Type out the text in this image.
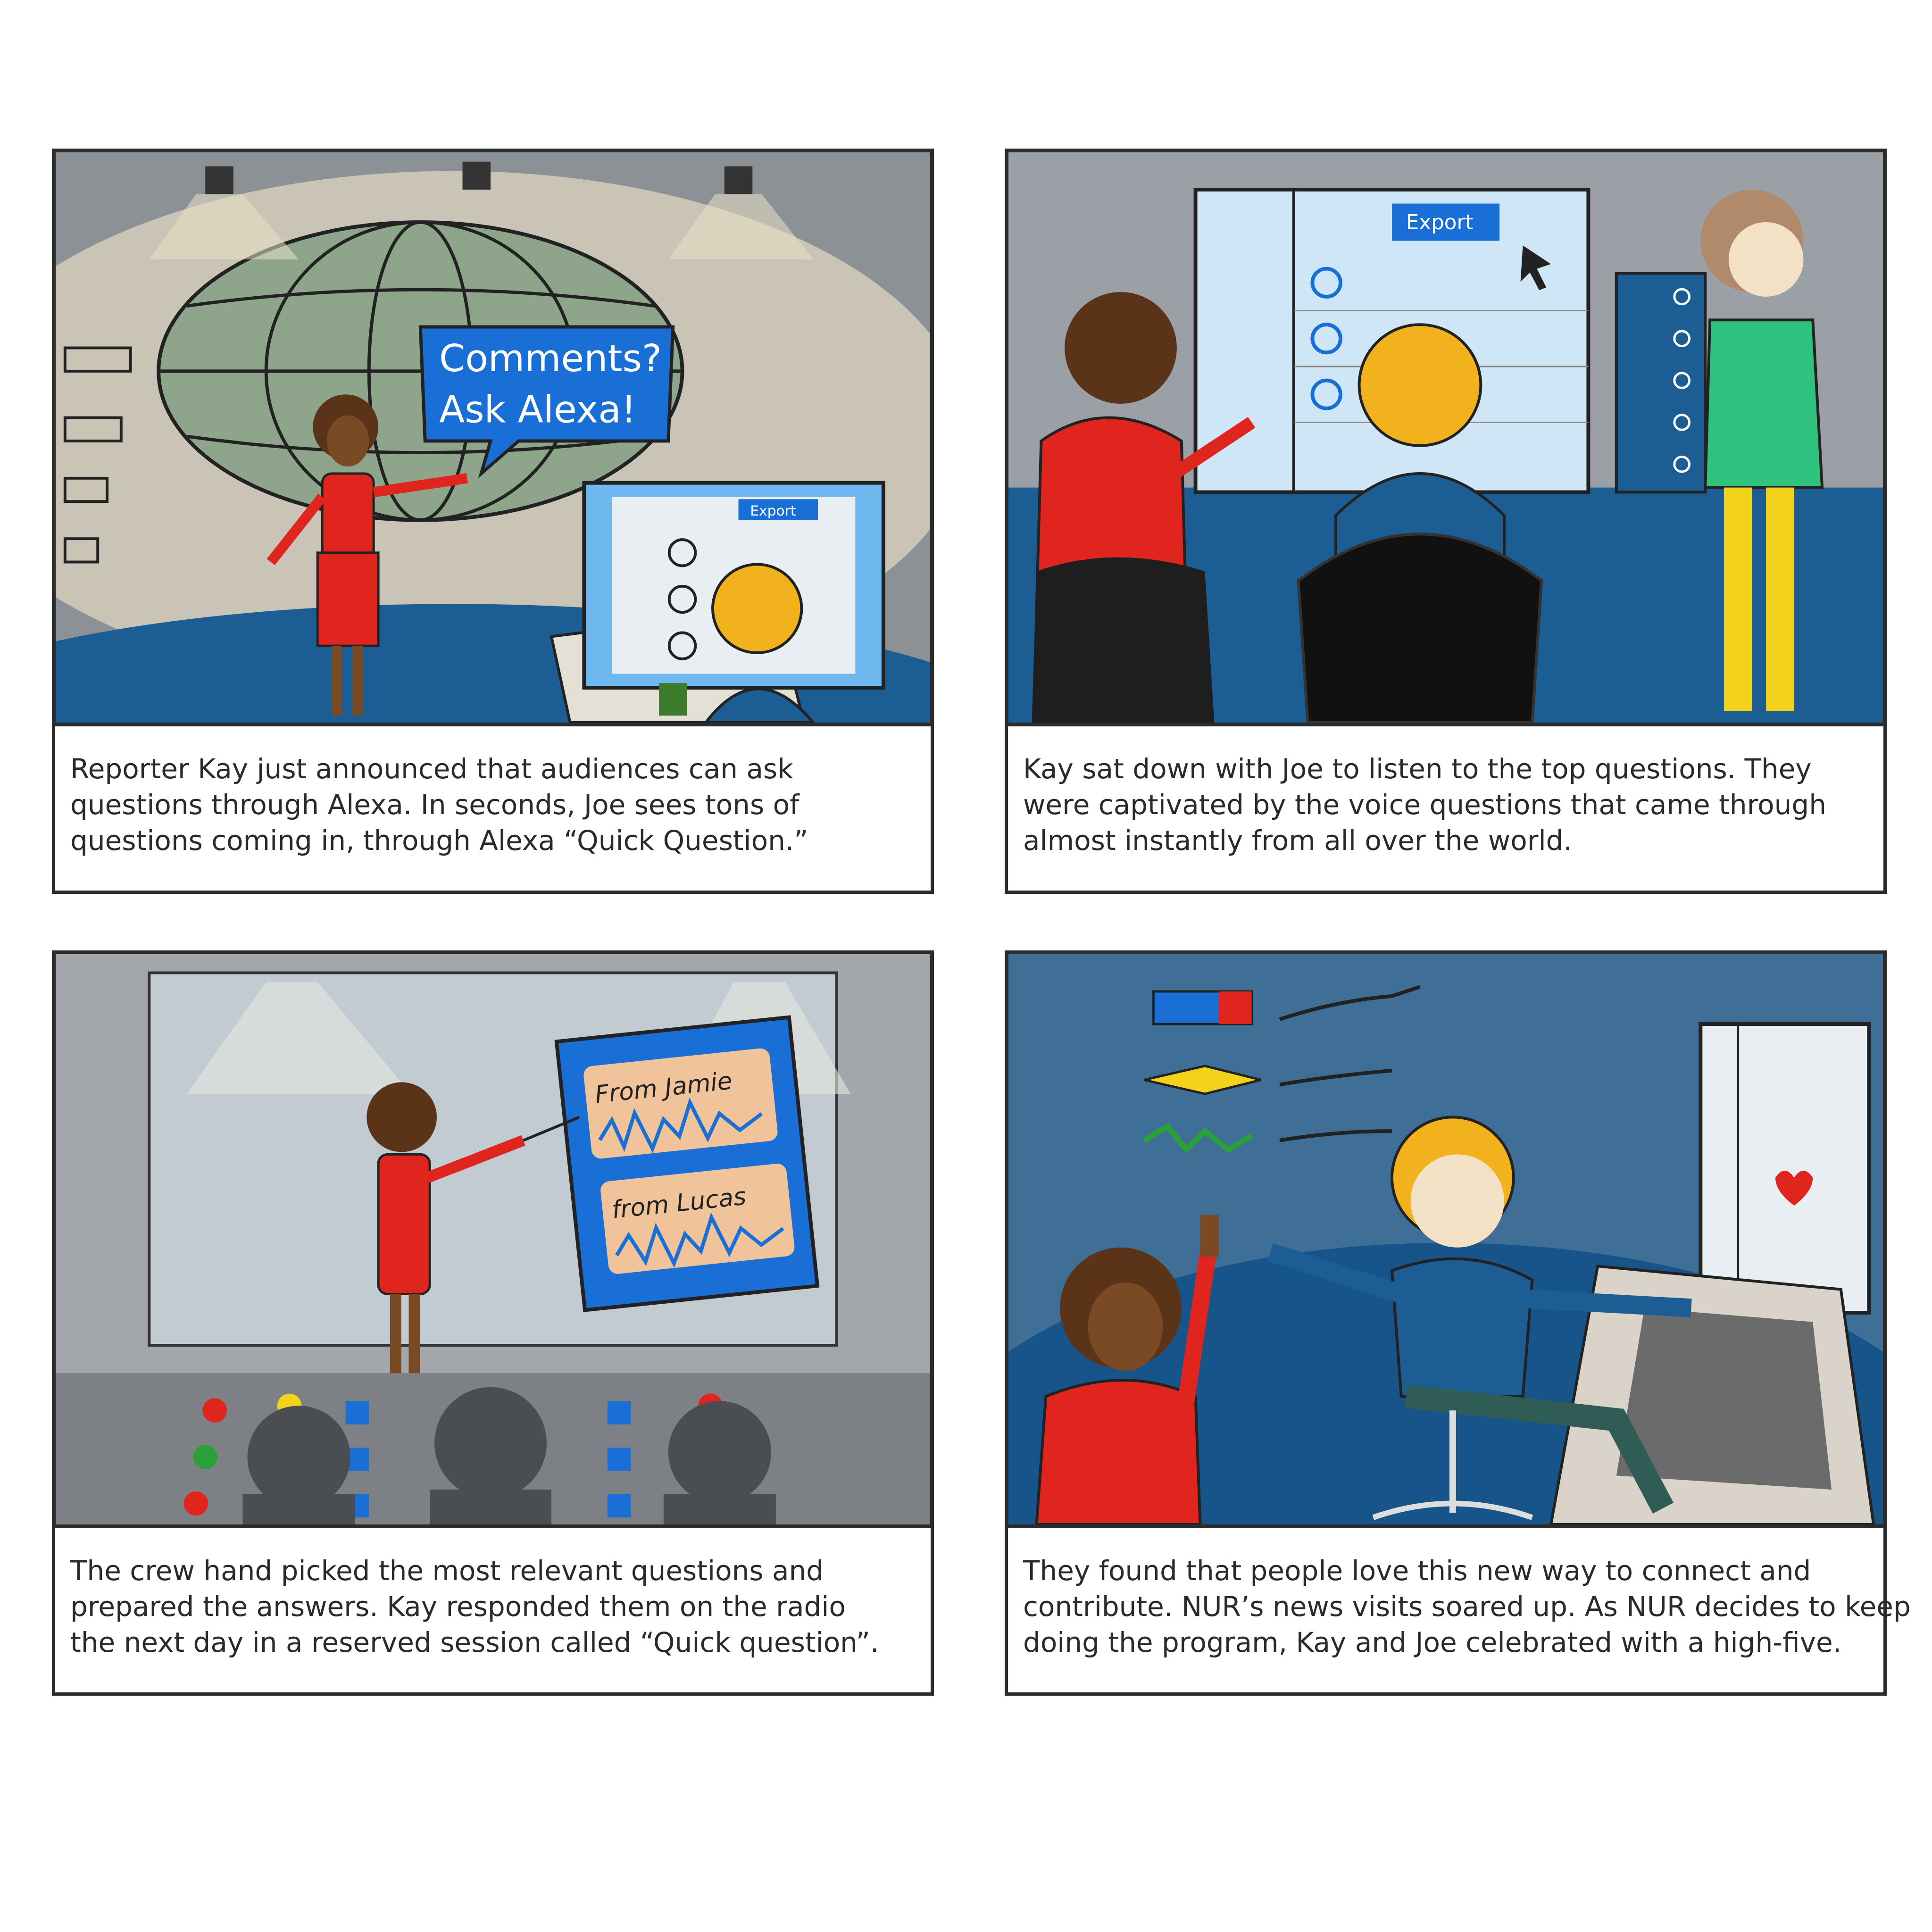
Comments?
Ask Alexa!
Export
Reporter Kay just announced that audiences can ask
questions through Alexa. In seconds, Joe sees tons of
questions coming in, through Alexa “Quick Question.”
Export
Kay sat down with Joe to listen to the top questions. They
were captivated by the voice questions that came through
almost instantly from all over the world.
From Jamie
from Lucas
The crew hand picked the most relevant questions and
prepared the answers. Kay responded them on the radio
the next day in a reserved session called “Quick question”.
They found that people love this new way to connect and
contribute. NUR’s news visits soared up. As NUR decides to keep
doing the program, Kay and Joe celebrated with a high-five.
